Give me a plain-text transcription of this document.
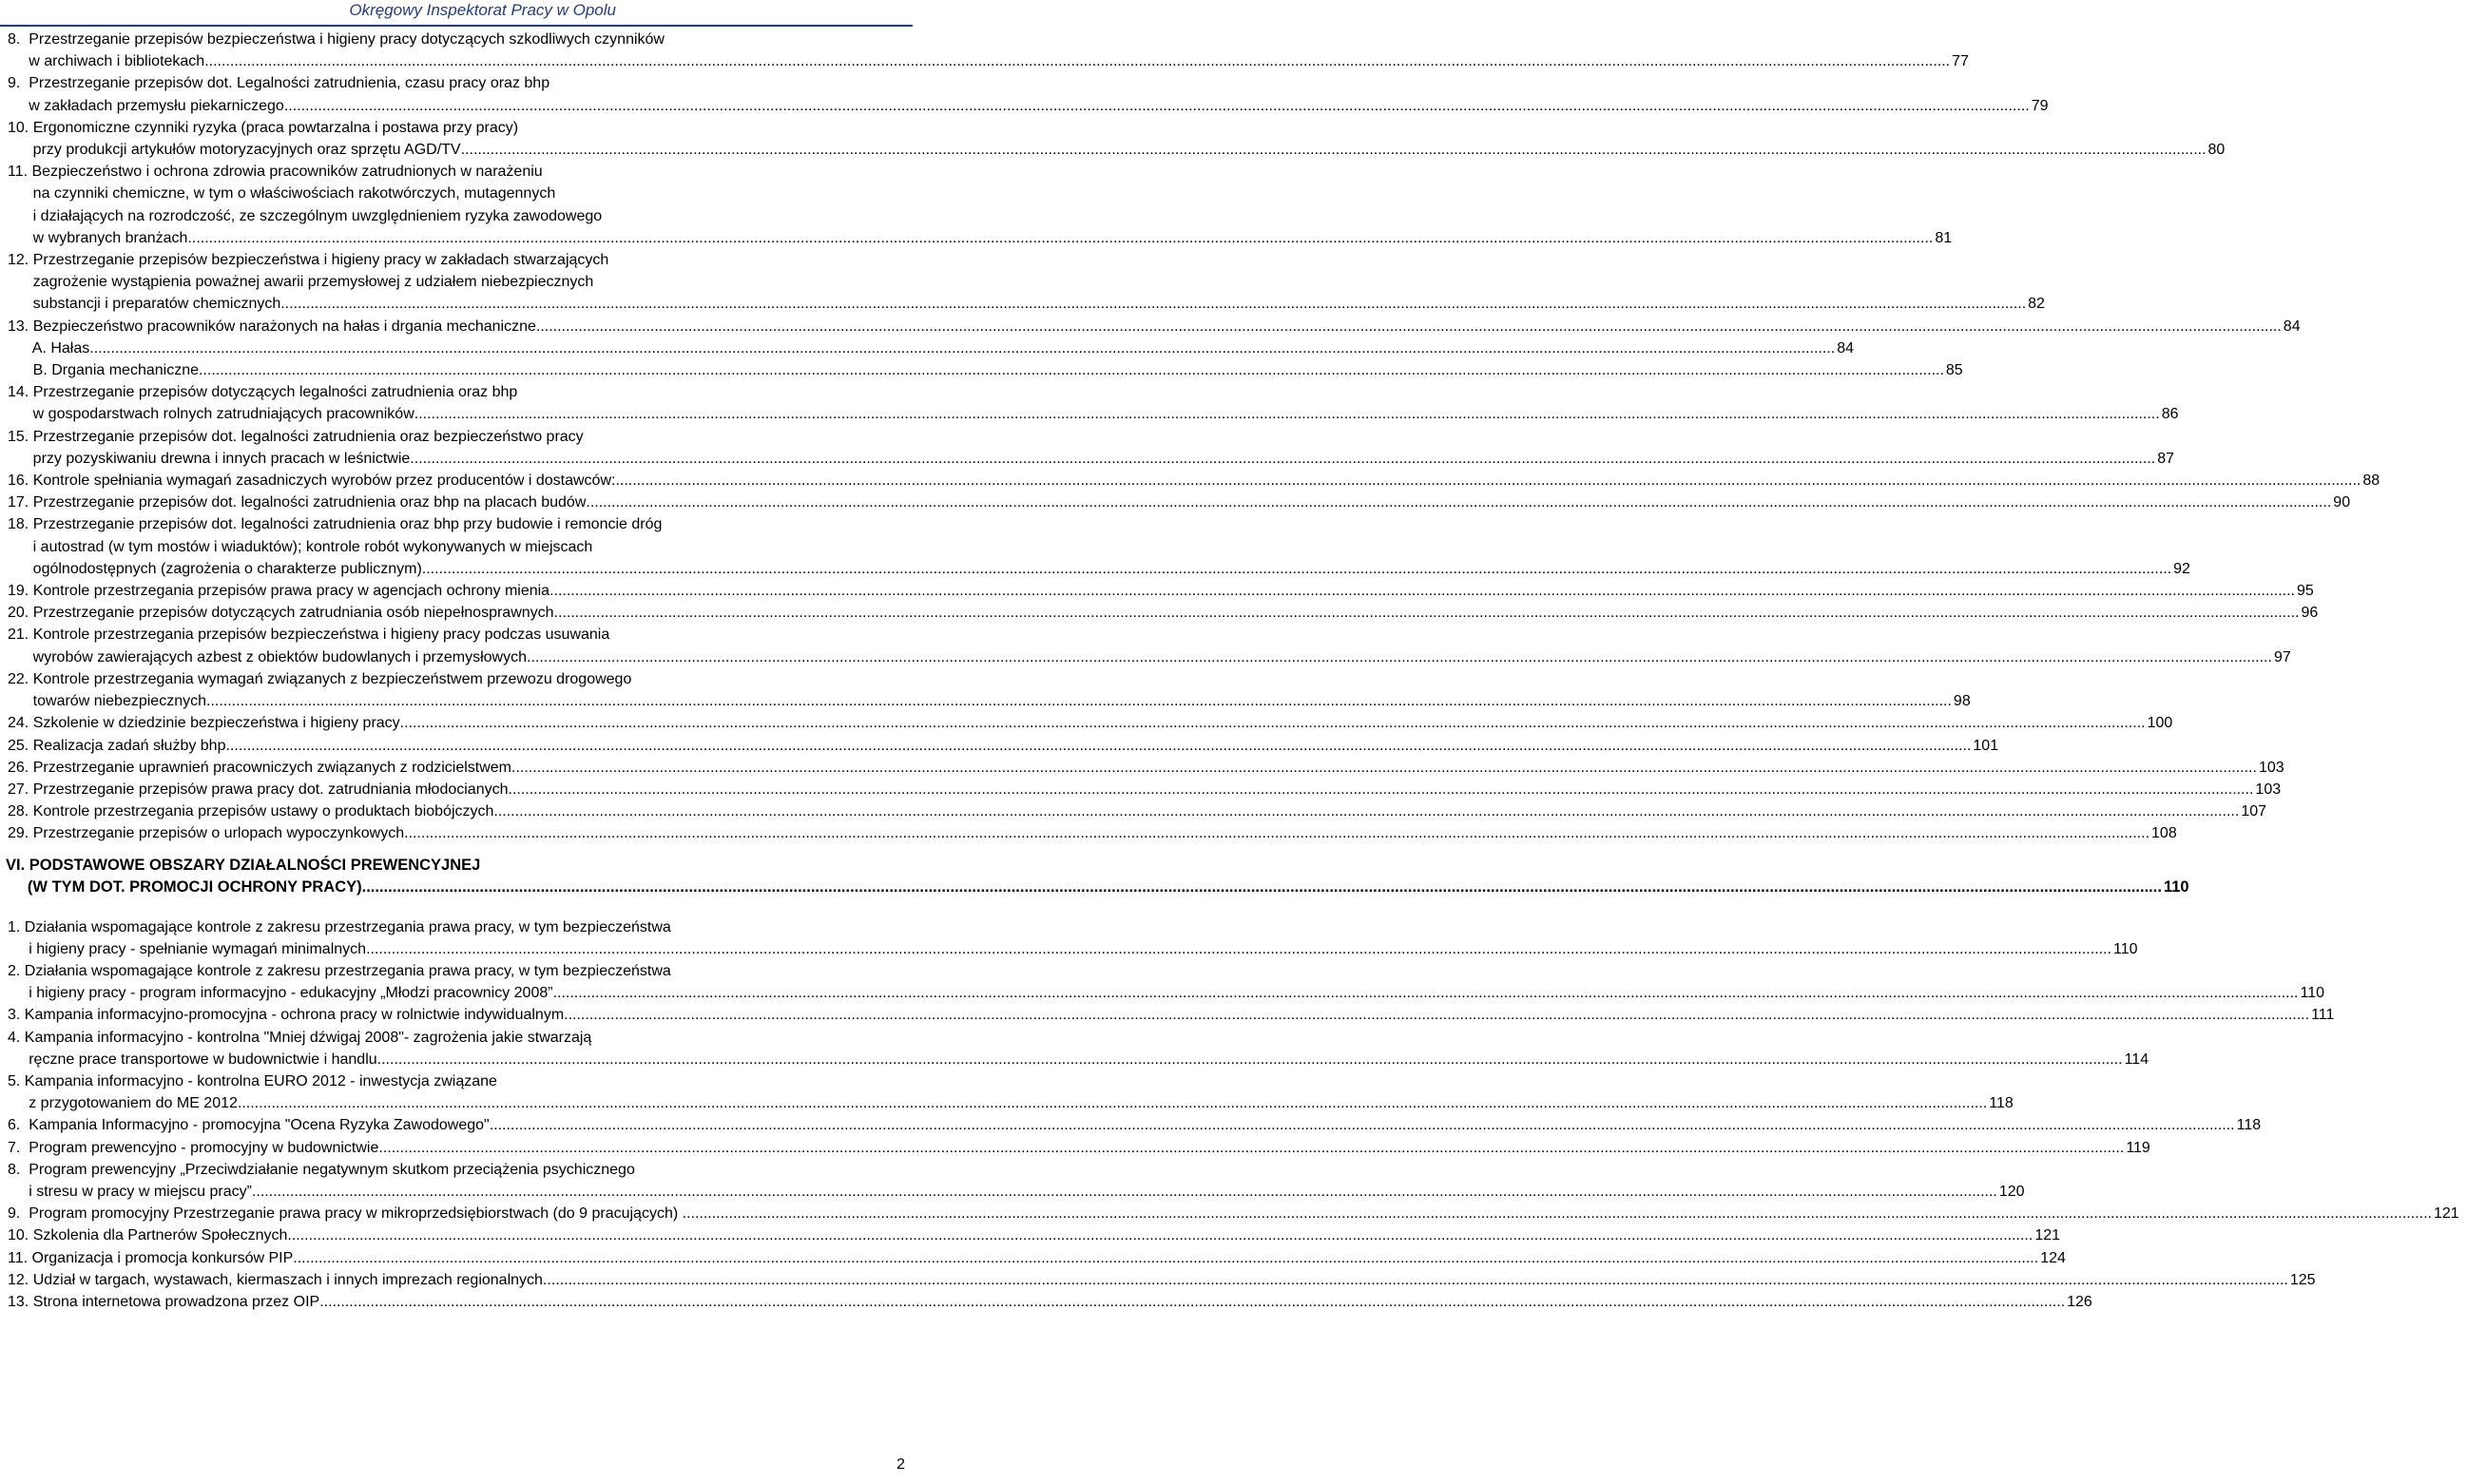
Okręgowy Inspektorat Pracy w Opolu
8.  Przestrzeganie przepisów bezpieczeństwa i higieny pracy dotyczących szkodliwych czynników
w archiwach i bibliotekach .....	77
9.  Przestrzeganie przepisów dot. Legalności zatrudnienia, czasu pracy oraz bhp
w zakładach przemysłu piekarniczego .....	79
10. Ergonomiczne czynniki ryzyka (praca powtarzalna i postawa przy pracy)
przy produkcji artykułów motoryzacyjnych oraz sprzętu AGD/TV .....	80
11. Bezpieczeństwo i ochrona zdrowia pracowników zatrudnionych w narażeniu
na czynniki chemiczne, w tym o właściwościach rakotwórczych, mutagennych
i działających na rozrodczość, ze szczególnym uwzględnieniem ryzyka zawodowego
w wybranych branżach .....	81
12. Przestrzeganie przepisów bezpieczeństwa i higieny pracy w zakładach stwarzających
zagrożenie wystąpienia poważnej awarii przemysłowej z udziałem niebezpiecznych
substancji i preparatów chemicznych .....	82
13. Bezpieczeństwo pracowników narażonych na hałas i drgania mechaniczne .....	84
A. Hałas .....	84
B. Drgania mechaniczne .....	85
14. Przestrzeganie przepisów dotyczących legalności zatrudnienia oraz bhp
w gospodarstwach rolnych zatrudniających pracowników .....	86
15. Przestrzeganie przepisów dot. legalności zatrudnienia oraz bezpieczeństwo pracy
przy pozyskiwaniu drewna i innych pracach w leśnictwie .....	87
16. Kontrole spełniania wymagań zasadniczych wyrobów przez producentów i dostawców: .....	88
17. Przestrzeganie przepisów dot. legalności zatrudnienia oraz bhp na placach budów .....	90
18. Przestrzeganie przepisów dot. legalności zatrudnienia oraz bhp przy budowie i remoncie dróg
i autostrad (w tym mostów i wiaduktów); kontrole robót wykonywanych w miejscach
ogólnodostępnych (zagrożenia o charakterze publicznym). .....	92
19. Kontrole przestrzegania przepisów prawa pracy w agencjach ochrony mienia .....	95
20. Przestrzeganie przepisów dotyczących zatrudniania osób niepełnosprawnych .....	96
21. Kontrole przestrzegania przepisów bezpieczeństwa i higieny pracy podczas usuwania
wyrobów zawierających azbest z obiektów budowlanych i przemysłowych .....	97
22. Kontrole przestrzegania wymagań związanych z bezpieczeństwem przewozu drogowego
towarów niebezpiecznych .....	98
24. Szkolenie w dziedzinie bezpieczeństwa i higieny pracy .....	100
25. Realizacja zadań służby bhp .....	101
26. Przestrzeganie uprawnień pracowniczych związanych z rodzicielstwem .....	103
27. Przestrzeganie przepisów prawa pracy dot. zatrudniania młodocianych .....	103
28. Kontrole przestrzegania przepisów ustawy o produktach biobójczych .....	107
29. Przestrzeganie przepisów o urlopach wypoczynkowych .....	108
VI. PODSTAWOWE OBSZARY DZIAŁALNOŚCI PREWENCYJNEJ
(W TYM DOT. PROMOCJI OCHRONY PRACY) .....	110
1. Działania wspomagające kontrole z zakresu przestrzegania prawa pracy, w tym bezpieczeństwa
i higieny pracy - spełnianie wymagań minimalnych .....	110
2. Działania wspomagające kontrole z zakresu przestrzegania prawa pracy, w tym bezpieczeństwa
i higieny pracy - program informacyjno - edukacyjny „Młodzi pracownicy 2008” .....	110
3. Kampania informacyjno-promocyjna - ochrona pracy w rolnictwie indywidualnym .....	111
4. Kampania informacyjno - kontrolna "Mniej dźwigaj 2008"- zagrożenia jakie stwarzają
ręczne prace transportowe w budownictwie i handlu .....	114
5. Kampania informacyjno - kontrolna EURO 2012 - inwestycja związane
z przygotowaniem do ME 2012. .....	118
6.  Kampania Informacyjno - promocyjna "Ocena Ryzyka Zawodowego" .....	118
7.  Program prewencyjno - promocyjny w budownictwie .....	119
8.  Program prewencyjny „Przeciwdziałanie negatywnym skutkom przeciążenia psychicznego
i stresu w pracy w miejscu pracy” .....	120
9.  Program promocyjny Przestrzeganie prawa pracy w mikroprzedsiębiorstwach (do 9 pracujących) . .....	121
10. Szkolenia dla Partnerów Społecznych .....	121
11. Organizacja i promocja konkursów PIP .....	124
12. Udział w targach, wystawach, kiermaszach i innych imprezach regionalnych .....	125
13. Strona internetowa prowadzona przez OIP .....	126
2
